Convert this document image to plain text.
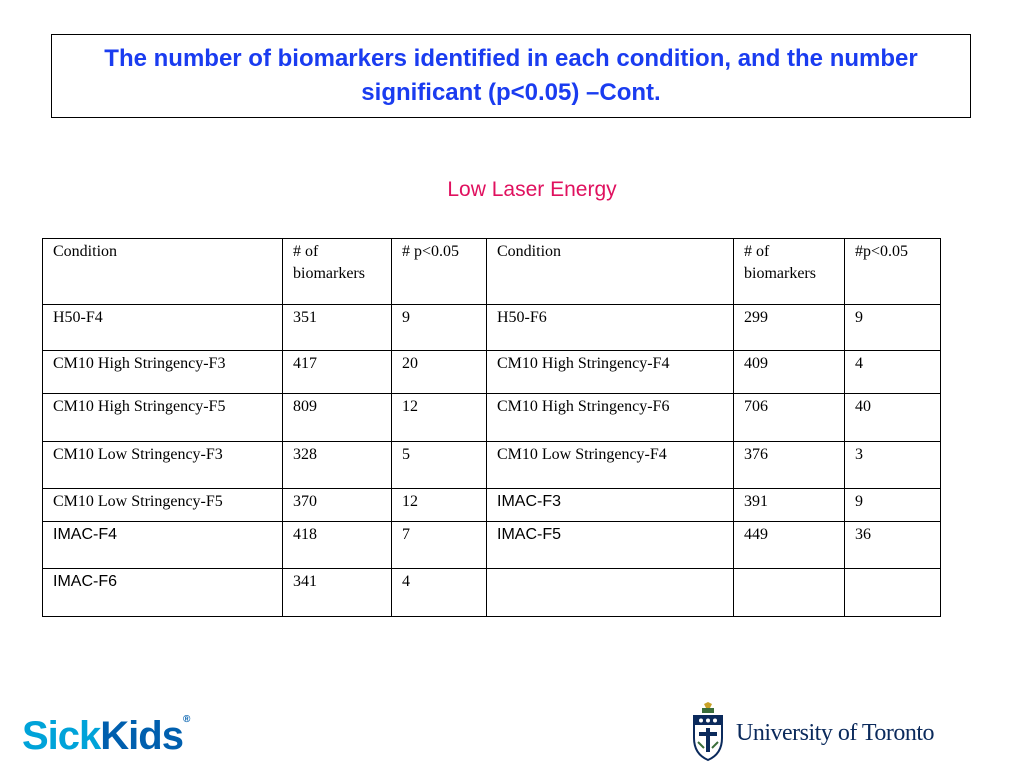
The number of biomarkers identified in each condition, and the number significant (p<0.05) –Cont.
Low Laser Energy
Condition	# of biomarkers	# p<0.05	Condition	# of biomarkers	#p<0.05
H50-F4	351	9	H50-F6	299	9
CM10 High Stringency-F3	417	20	CM10 High Stringency-F4	409	4
CM10 High Stringency-F5	809	12	CM10 High Stringency-F6	706	40
CM10 Low Stringency-F3	328	5	CM10 Low Stringency-F4	376	3
CM10 Low Stringency-F5	370	12	IMAC-F3	391	9
IMAC-F4	418	7	IMAC-F5	449	36
IMAC-F6	341	4			
SickKids®	University of Toronto
